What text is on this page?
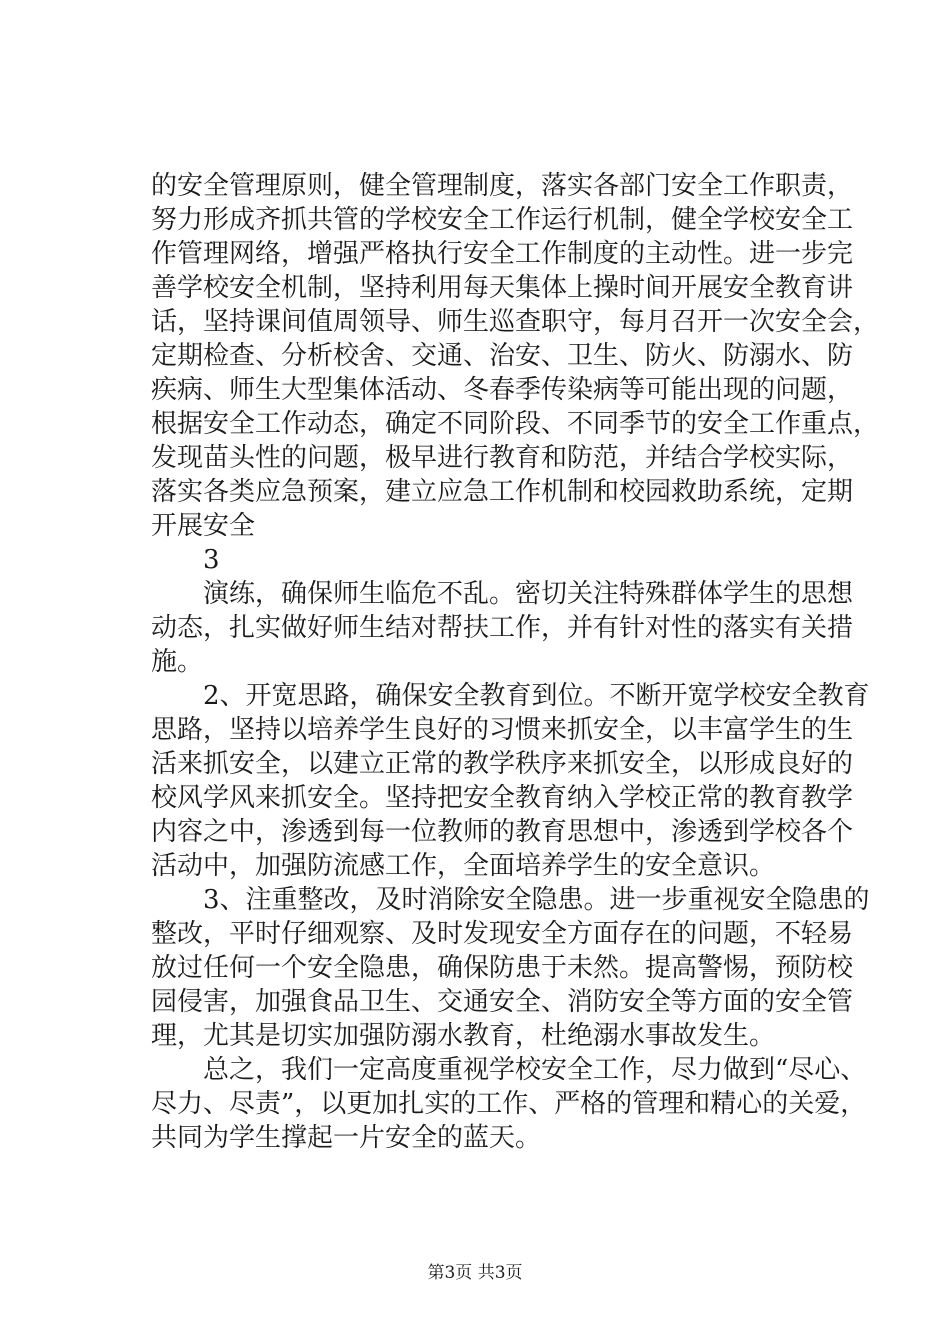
的安全管理原则，健全管理制度，落实各部门安全工作职责，
努力形成齐抓共管的学校安全工作运行机制，健全学校安全工
作管理网络，增强严格执行安全工作制度的主动性。进一步完
善学校安全机制，坚持利用每天集体上操时间开展安全教育讲
话，坚持课间值周领导、师生巡查职守，每月召开一次安全会，
定期检查、分析校舍、交通、治安、卫生、防火、防溺水、防
疾病、师生大型集体活动、冬春季传染病等可能出现的问题，
根据安全工作动态，确定不同阶段、不同季节的安全工作重点，
发现苗头性的问题，极早进行教育和防范，并结合学校实际，
落实各类应急预案，建立应急工作机制和校园救助系统，定期
开展安全
　　3
　　演练，确保师生临危不乱。密切关注特殊群体学生的思想
动态，扎实做好师生结对帮扶工作，并有针对性的落实有关措
施。
　　2、开宽思路，确保安全教育到位。不断开宽学校安全教育
思路，坚持以培养学生良好的习惯来抓安全，以丰富学生的生
活来抓安全，以建立正常的教学秩序来抓安全，以形成良好的
校风学风来抓安全。坚持把安全教育纳入学校正常的教育教学
内容之中，渗透到每一位教师的教育思想中，渗透到学校各个
活动中，加强防流感工作，全面培养学生的安全意识。
　　3、注重整改，及时消除安全隐患。进一步重视安全隐患的
整改，平时仔细观察、及时发现安全方面存在的问题，不轻易
放过任何一个安全隐患，确保防患于未然。提高警惕，预防校
园侵害，加强食品卫生、交通安全、消防安全等方面的安全管
理，尤其是切实加强防溺水教育，杜绝溺水事故发生。
　　总之，我们一定高度重视学校安全工作，尽力做到“尽心、
尽力、尽责”，以更加扎实的工作、严格的管理和精心的关爱，
共同为学生撑起一片安全的蓝天。
第3页 共3页
